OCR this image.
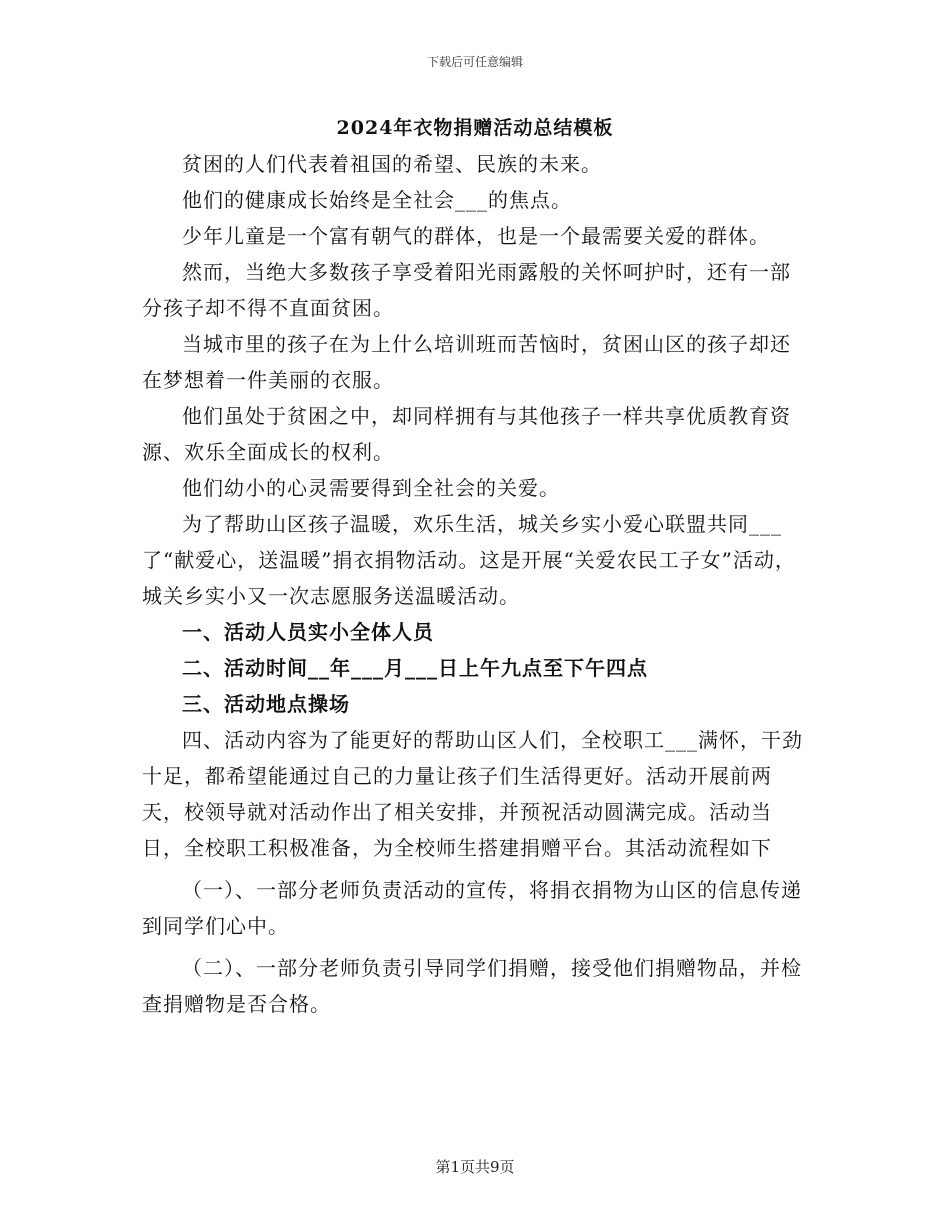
下载后可任意编辑
2024年衣物捐赠活动总结模板

贫困的人们代表着祖国的希望、民族的未来。

他们的健康成长始终是全社会___的焦点。

少年儿童是一个富有朝气的群体，也是一个最需要关爱的群体。

然而，当绝大多数孩子享受着阳光雨露般的关怀呵护时，还有一部分孩子却不得不直面贫困。

当城市里的孩子在为上什么培训班而苦恼时，贫困山区的孩子却还在梦想着一件美丽的衣服。

他们虽处于贫困之中，却同样拥有与其他孩子一样共享优质教育资源、欢乐全面成长的权利。

他们幼小的心灵需要得到全社会的关爱。

为了帮助山区孩子温暖，欢乐生活，城关乡实小爱心联盟共同___了“献爱心，送温暖”捐衣捐物活动。这是开展“关爱农民工子女”活动，城关乡实小又一次志愿服务送温暖活动。

一、活动人员实小全体人员

二、活动时间__年___月___日上午九点至下午四点

三、活动地点操场

四、活动内容为了能更好的帮助山区人们，全校职工___满怀，干劲十足，都希望能通过自己的力量让孩子们生活得更好。活动开展前两天，校领导就对活动作出了相关安排，并预祝活动圆满完成。活动当日，全校职工积极准备，为全校师生搭建捐赠平台。其活动流程如下

（一）、一部分老师负责活动的宣传，将捐衣捐物为山区的信息传递到同学们心中。

（二）、一部分老师负责引导同学们捐赠，接受他们捐赠物品，并检查捐赠物是否合格。

第1页共9页
